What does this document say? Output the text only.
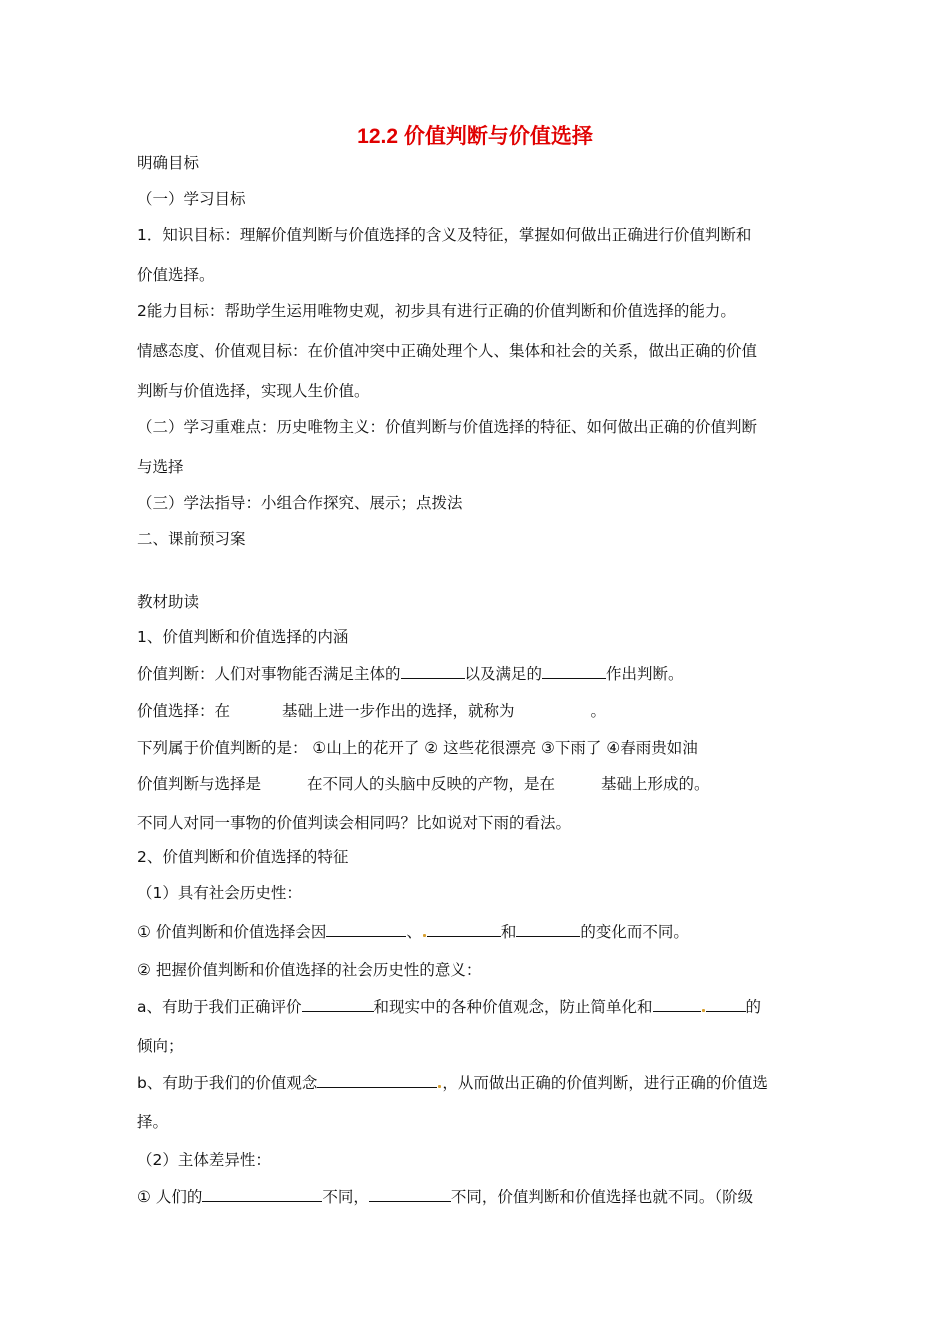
12.2 价值判断与价值选择
明确目标
（一）学习目标
1．知识目标：理解价值判断与价值选择的含义及特征，掌握如何做出正确进行价值判断和
价值选择。
2能力目标：帮助学生运用唯物史观，初步具有进行正确的价值判断和价值选择的能力。
情感态度、价值观目标：在价值冲突中正确处理个人、集体和社会的关系，做出正确的价值
判断与价值选择，实现人生价值。
（二）学习重难点：历史唯物主义：价值判断与价值选择的特征、如何做出正确的价值判断
与选择
（三）学法指导：小组合作探究、展示；点拨法
二、课前预习案
教材助读
1、价值判断和价值选择的内涵
价值判断：人们对事物能否满足主体的	以及满足的	作出判断。
价值选择：在	基础上进一步作出的选择，就称为	。
下列属于价值判断的是： ①山上的花开了 ② 这些花很漂亮 ③下雨了 ④春雨贵如油
价值判断与选择是	在不同人的头脑中反映的产物，是在	基础上形成的。
不同人对同一事物的价值判读会相同吗？比如说对下雨的看法。
2、价值判断和价值选择的特征
（1）具有社会历史性：
① 价值判断和价值选择会因	、	和	的变化而不同。
② 把握价值判断和价值选择的社会历史性的意义：
a、有助于我们正确评价	和现实中的各种价值观念，防止简单化和	的
倾向；
b、有助于我们的价值观念	，从而做出正确的价值判断，进行正确的价值选
择。
（2）主体差异性：
① 人们的	不同，	不同，价值判断和价值选择也就不同。（阶级
